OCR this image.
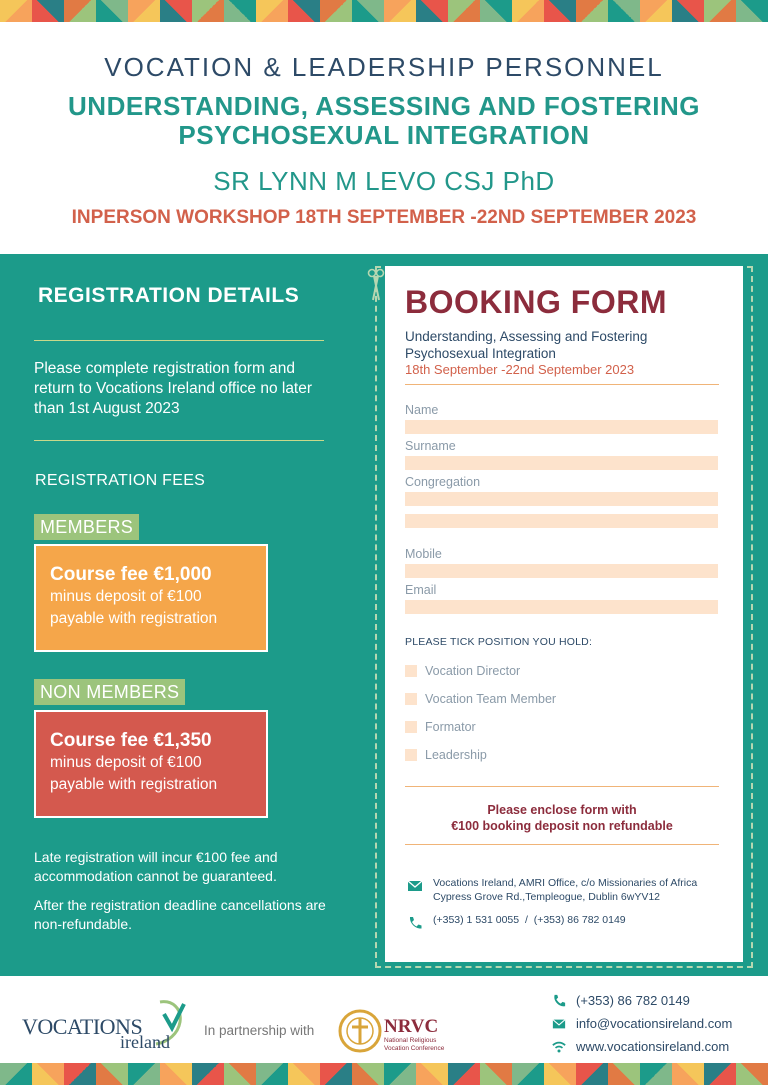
VOCATION & LEADERSHIP PERSONNEL
UNDERSTANDING, ASSESSING AND FOSTERING
PSYCHOSEXUAL INTEGRATION
SR LYNN M LEVO CSJ PhD
INPERSON WORKSHOP 18TH SEPTEMBER -22ND SEPTEMBER 2023
REGISTRATION DETAILS
Please complete registration form and return to Vocations Ireland office no later than 1st August 2023
REGISTRATION FEES
MEMBERS
Course fee €1,000
minus deposit of €100
payable with registration
NON MEMBERS
Course fee €1,350
minus deposit of €100
payable with registration
Late registration will incur €100 fee and accommodation cannot be guaranteed.
After the registration deadline cancellations are non-refundable.
BOOKING FORM
Understanding, Assessing and Fostering Psychosexual Integration
18th September -22nd September 2023
Name
Surname
Congregation
Mobile
Email
PLEASE TICK POSITION YOU HOLD:
Vocation Director
Vocation Team Member
Formator
Leadership
Please enclose form with
€100 booking deposit non refundable
Vocations Ireland, AMRI Office, c/o Missionaries of Africa
Cypress Grove Rd.,Templeogue, Dublin 6wYV12
(+353) 1 531 0055  /  (+353) 86 782 0149
VOCATIONS
ireland
In partnership with	NRVC
National Religious
Vocation Conference
(+353) 86 782 0149
info@vocationsireland.com
www.vocationsireland.com
